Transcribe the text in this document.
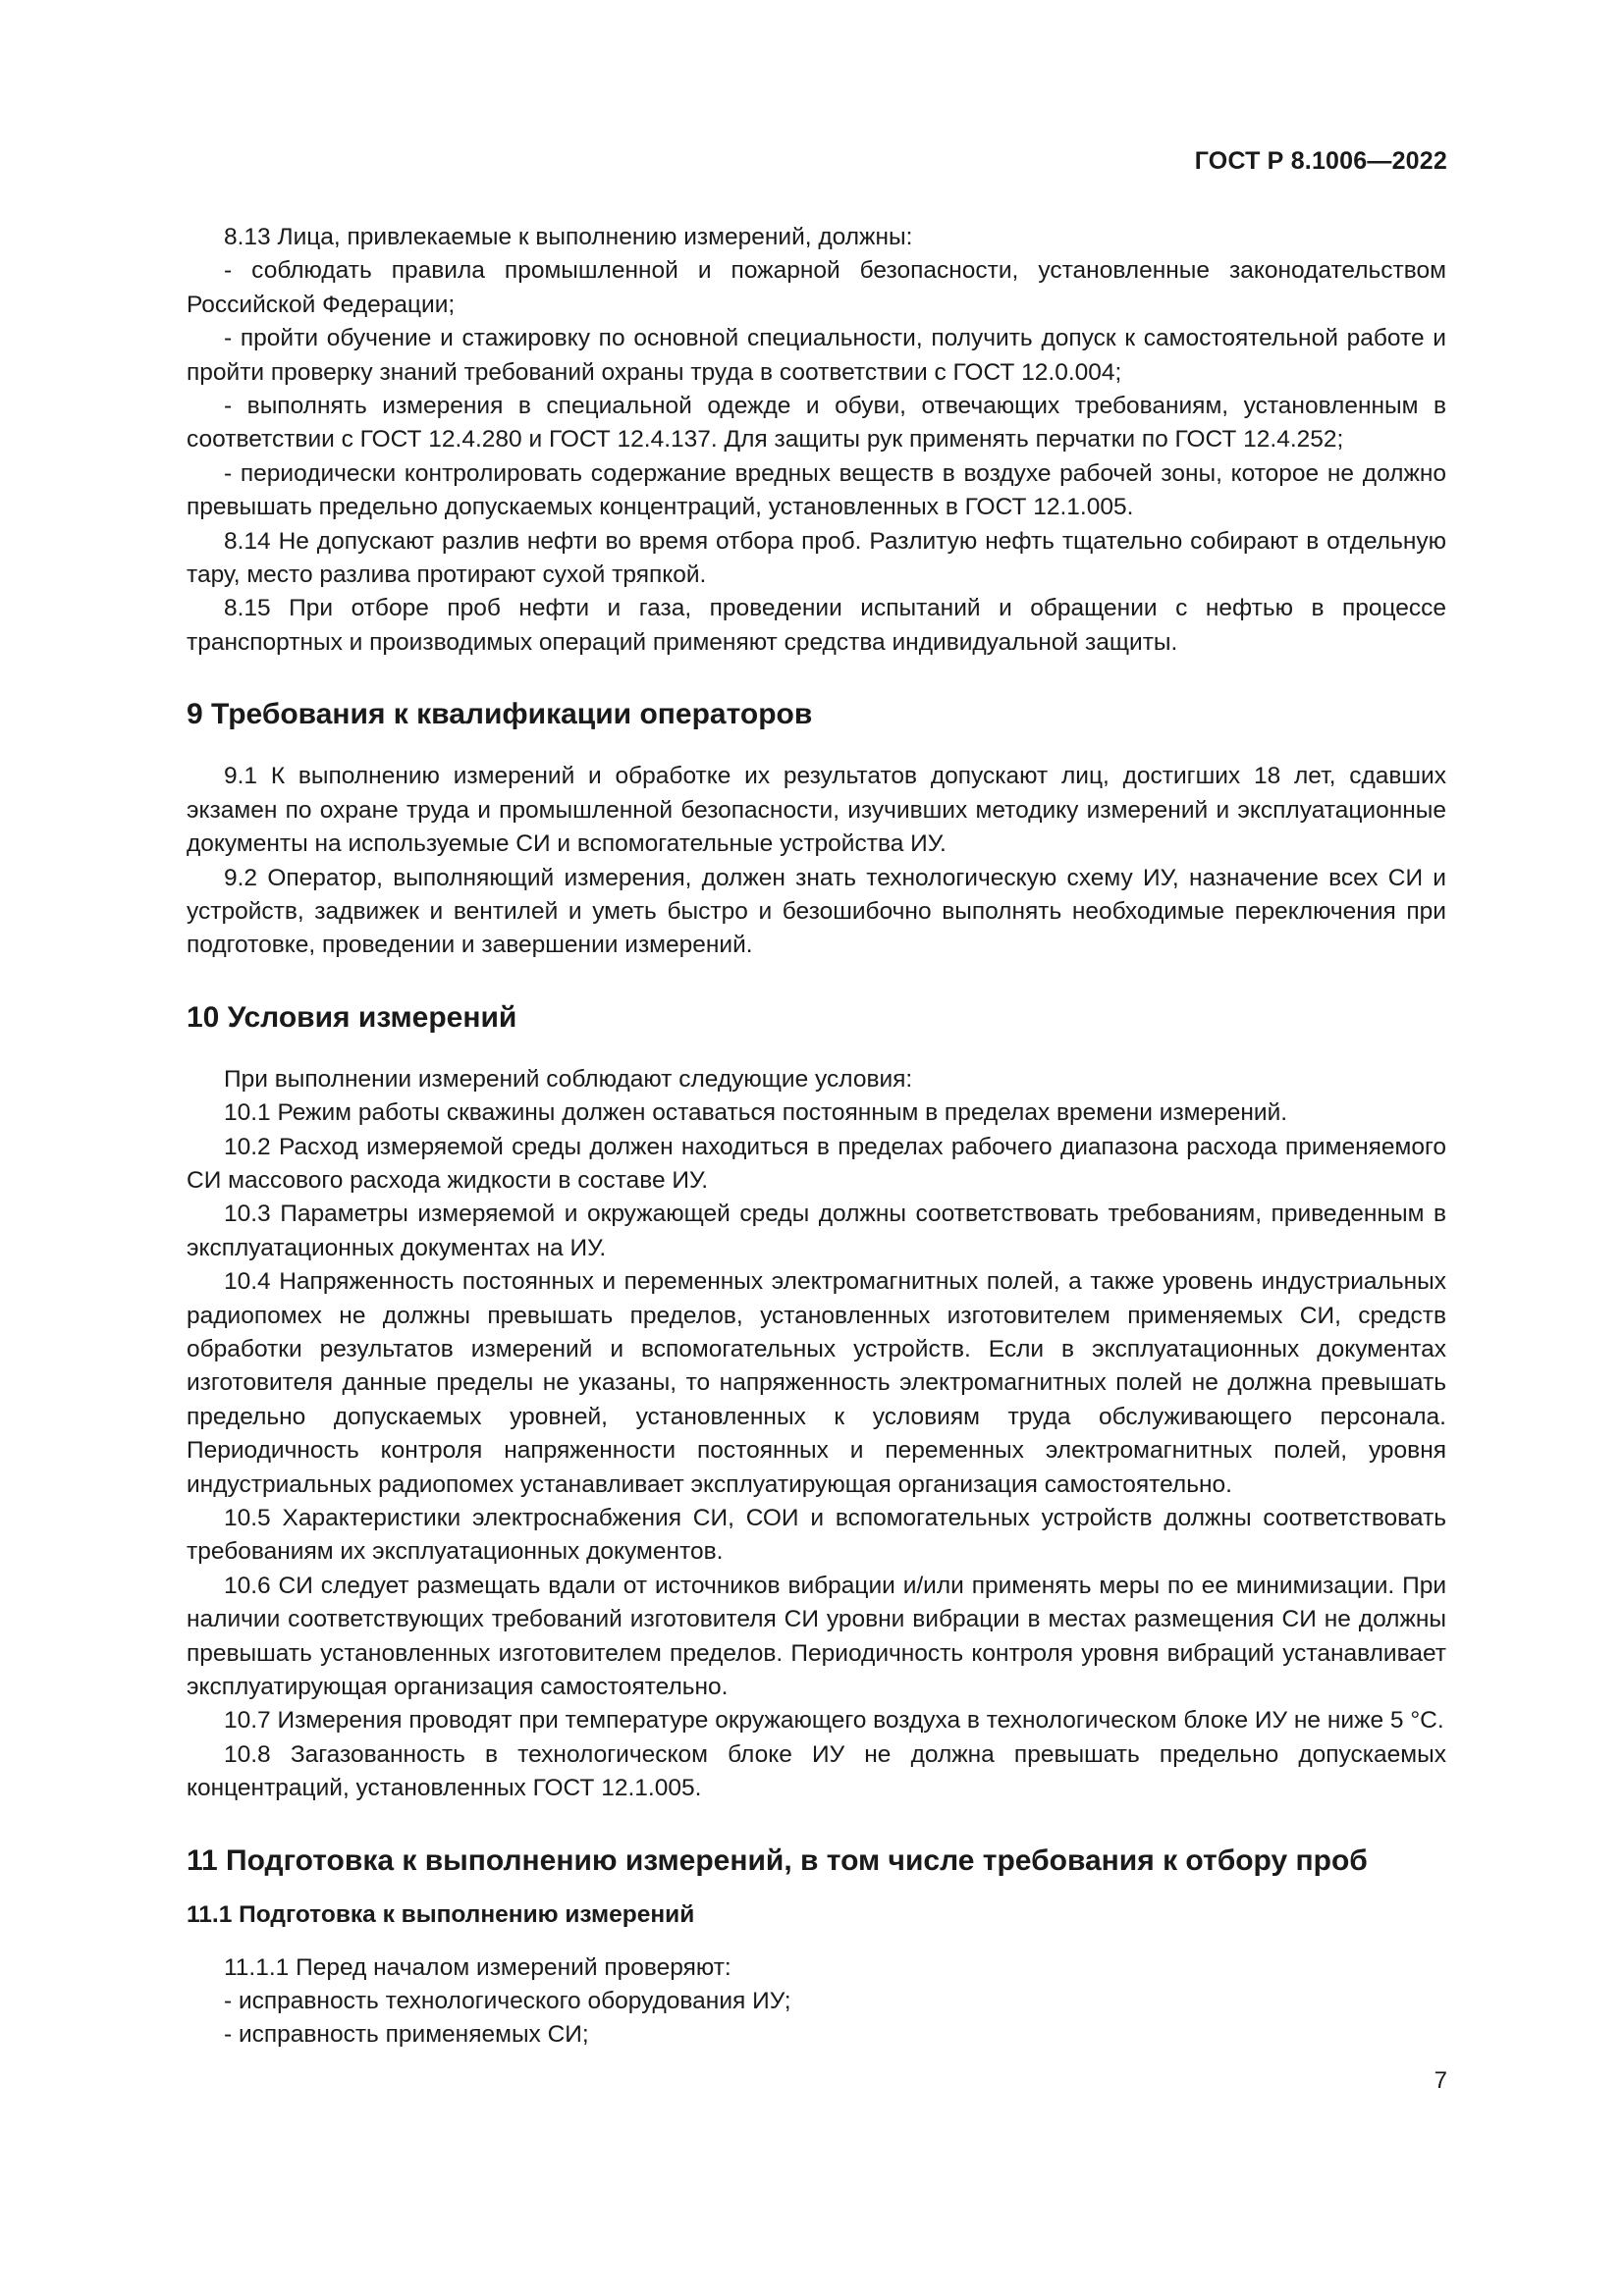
ГОСТ Р 8.1006—2022

8.13 Лица, привлекаемые к выполнению измерений, должны:

- соблюдать правила промышленной и пожарной безопасности, установленные законодательством Российской Федерации;

- пройти обучение и стажировку по основной специальности, получить допуск к самостоятельной работе и пройти проверку знаний требований охраны труда в соответствии с ГОСТ 12.0.004;

- выполнять измерения в специальной одежде и обуви, отвечающих требованиям, установленным в соответствии с ГОСТ 12.4.280 и ГОСТ 12.4.137. Для защиты рук применять перчатки по ГОСТ 12.4.252;

- периодически контролировать содержание вредных веществ в воздухе рабочей зоны, которое не должно превышать предельно допускаемых концентраций, установленных в ГОСТ 12.1.005.

8.14 Не допускают разлив нефти во время отбора проб. Разлитую нефть тщательно собирают в отдельную тару, место разлива протирают сухой тряпкой.

8.15 При отборе проб нефти и газа, проведении испытаний и обращении с нефтью в процессе транспортных и производимых операций применяют средства индивидуальной защиты.

9 Требования к квалификации операторов

9.1 К выполнению измерений и обработке их результатов допускают лиц, достигших 18 лет, сдавших экзамен по охране труда и промышленной безопасности, изучивших методику измерений и эксплуатационные документы на используемые СИ и вспомогательные устройства ИУ.

9.2 Оператор, выполняющий измерения, должен знать технологическую схему ИУ, назначение всех СИ и устройств, задвижек и вентилей и уметь быстро и безошибочно выполнять необходимые переключения при подготовке, проведении и завершении измерений.

10 Условия измерений

При выполнении измерений соблюдают следующие условия:

10.1 Режим работы скважины должен оставаться постоянным в пределах времени измерений.

10.2 Расход измеряемой среды должен находиться в пределах рабочего диапазона расхода применяемого СИ массового расхода жидкости в составе ИУ.

10.3 Параметры измеряемой и окружающей среды должны соответствовать требованиям, приведенным в эксплуатационных документах на ИУ.

10.4 Напряженность постоянных и переменных электромагнитных полей, а также уровень индустриальных радиопомех не должны превышать пределов, установленных изготовителем применяемых СИ, средств обработки результатов измерений и вспомогательных устройств. Если в эксплуатационных документах изготовителя данные пределы не указаны, то напряженность электромагнитных полей не должна превышать предельно допускаемых уровней, установленных к условиям труда обслуживающего персонала. Периодичность контроля напряженности постоянных и переменных электромагнитных полей, уровня индустриальных радиопомех устанавливает эксплуатирующая организация самостоятельно.

10.5 Характеристики электроснабжения СИ, СОИ и вспомогательных устройств должны соответствовать требованиям их эксплуатационных документов.

10.6 СИ следует размещать вдали от источников вибрации и/или применять меры по ее минимизации. При наличии соответствующих требований изготовителя СИ уровни вибрации в местах размещения СИ не должны превышать установленных изготовителем пределов. Периодичность контроля уровня вибраций устанавливает эксплуатирующая организация самостоятельно.

10.7 Измерения проводят при температуре окружающего воздуха в технологическом блоке ИУ не ниже 5 °С.

10.8 Загазованность в технологическом блоке ИУ не должна превышать предельно допускаемых концентраций, установленных ГОСТ 12.1.005.

11 Подготовка к выполнению измерений, в том числе требования к отбору проб
11.1 Подготовка к выполнению измерений

11.1.1 Перед началом измерений проверяют:

- исправность технологического оборудования ИУ;

- исправность применяемых СИ;

7
